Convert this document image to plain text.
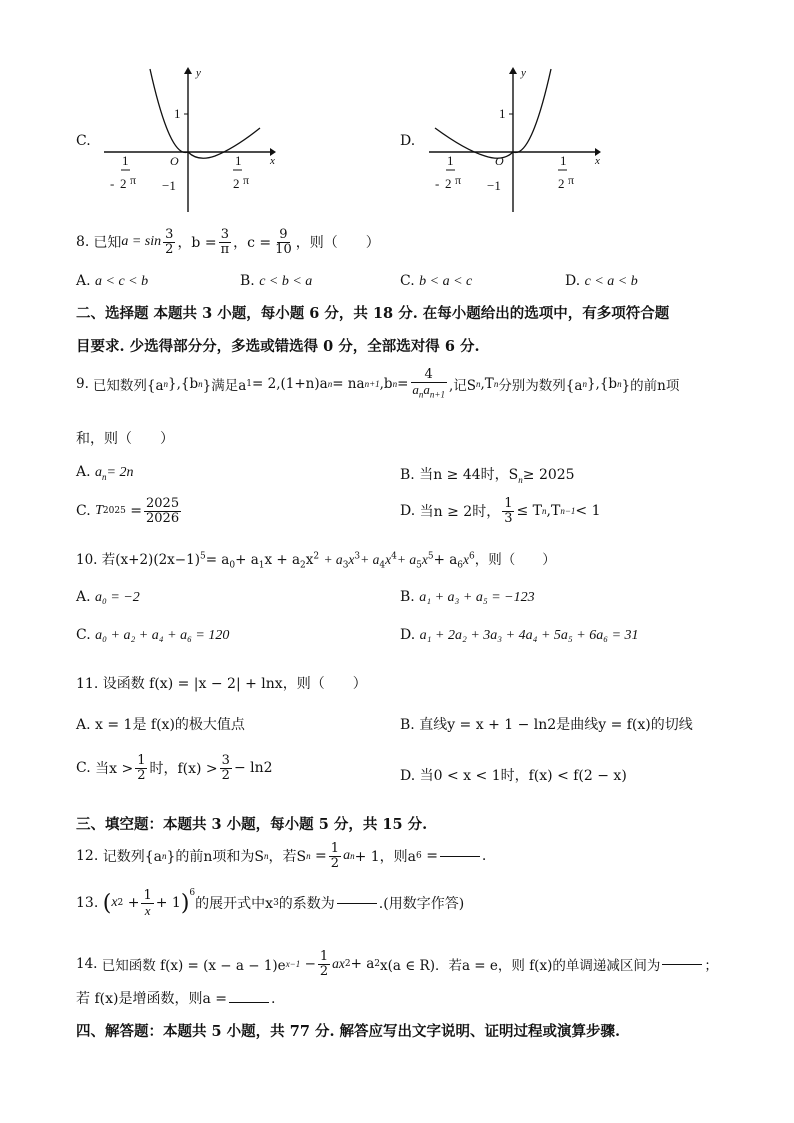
C.
y
x
1
O
−1
1
- 2 π
1
2 π
D.
y
x
1
O
−1
1
- 2 π
1
2 π
8. 已知 $a = \sin \frac{3}{2}$ ，$b = \frac{3}{\pi}$ ，$c = \frac{9}{10}$ ，则（　　）
A. a < c < b	B. c < b < a	C. b < a < c	D. c < a < b
二、选择题 本题共 3 小题，每小题 6 分，共 18 分. 在每小题给出的选项中，有多项符合题
目要求. 少选得部分分，多选或错选得 0 分，全部选对得 6 分.
9. 已知数列{a n },{b n }满足a 1 = 2,(1+n)a n = na n+1 ,b $n = \frac{4}{a_na_{n+1}}$ ,记S n ,T n 分别为数列{a n },{b n }的前n项
和，则（　　）
A. $a_n= 2n$	B. 当n ≥ 44时，$S_n\ge 2025$
C.
T $2025 = \frac{2025}{2026}$	D.
当n ≥ 2时， $\frac{1}{3} \le T$ n ,T n−1 < 1
10. 若$(x+2)(2x-1)^5= a_0+ a_1x + a_2x^2 + a_3x^3+ a_4x^4+ a_5x^5+ a_6x^6$，则（　　）
A. a₀ = −2	B. a₁ + a₃ + a₅ = −123
C. a₀ + a₂ + a₄ + a₆ = 120	D. a₁ + 2a₂ + 3a₃ + 4a₄ + 5a₅ + 6a₆ = 31
11. 设函数 f(x) = |x − 2| + lnx，则（　　）
A. x = 1是 f(x)的极大值点	B. 直线y = x + 1 − ln2是曲线y = f(x)的切线
C.
当$x > \frac{1}{2}$ 时，$f(x) > \frac{3}{2} - \ln 2$	D. 当0 < x < 1时，f(x) < f(2 − x)
三、填空题：本题共 3 小题，每小题 5 分，共 15 分.
12.
记数列{a n }的前n项和为S n ，若S n
= $\frac{1}{2}$ a n + 1，则a 6
=	.
13.
( x 2
+ $\frac{1}{x} + 1$ )$^6$
的展开式中x 3 的系数为	.(用数字作答)
14.
已知函数 f(x) = (x − a − 1)e x−1
− $\frac{1}{2}$ ax 2 + a 2 x(a ∈ R)．若a = e，则 f(x)的单调递减区间为	；
若 f(x)是增函数，则a =	.
四、解答题：本题共 5 小题，共 77 分. 解答应写出文字说明、证明过程或演算步骤.
